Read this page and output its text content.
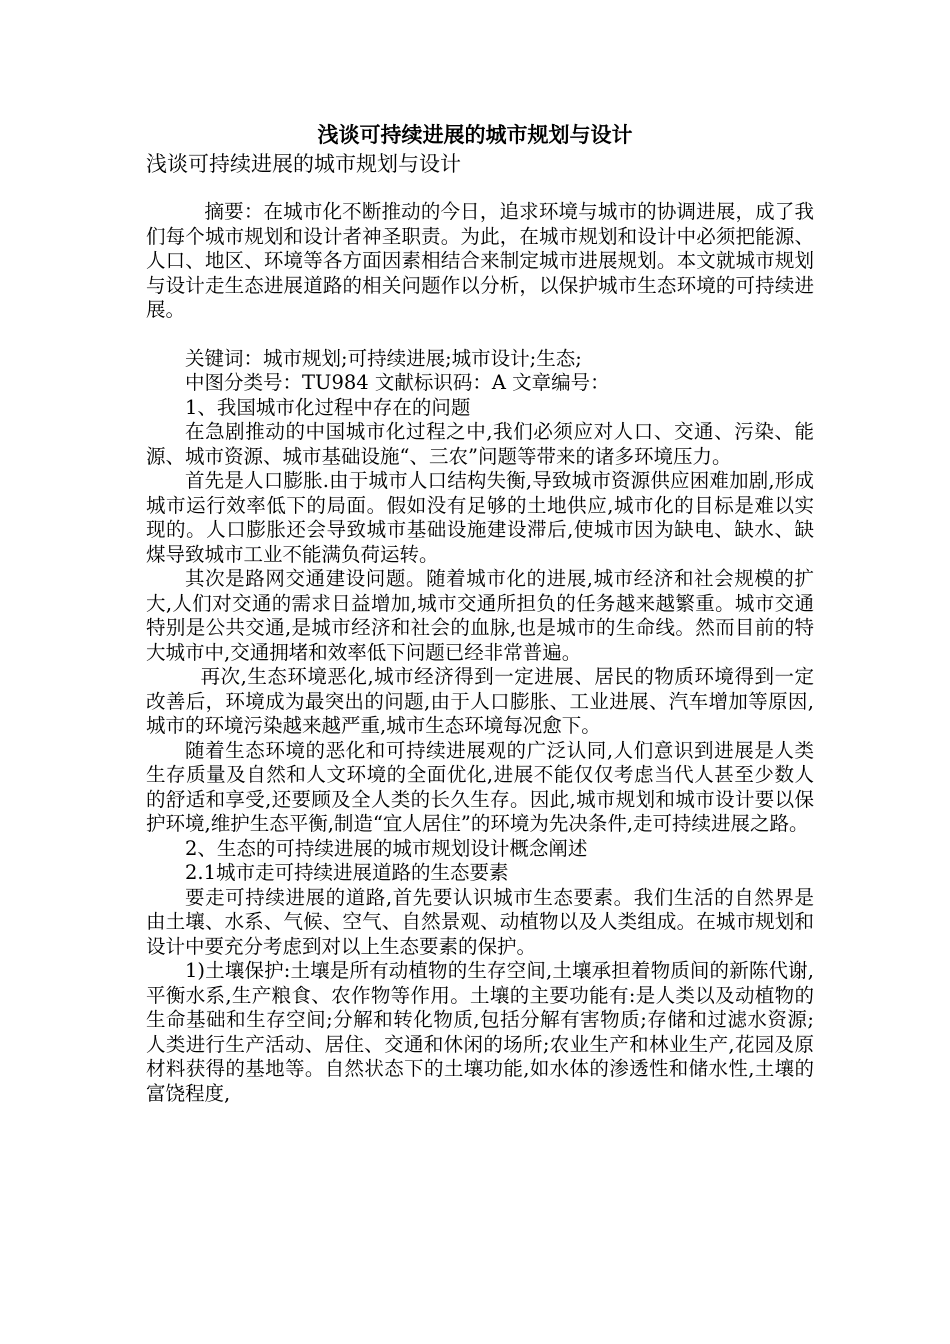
浅谈可持续进展的城市规划与设计
浅谈可持续进展的城市规划与设计

摘要：在城市化不断推动的今日，追求环境与城市的协调进展，成了我们每个城市规划和设计者神圣职责。为此，在城市规划和设计中必须把能源、人口、地区、环境等各方面因素相结合来制定城市进展规划。本文就城市规划与设计走生态进展道路的相关问题作以分析，以保护城市生态环境的可持续进展。

关键词：城市规划;可持续进展;城市设计;生态;

中图分类号：TU984 文献标识码：A 文章编号：

1、我国城市化过程中存在的问题

在急剧推动的中国城市化过程之中,我们必须应对人口、交通、污染、能源、城市资源、城市基础设施“、三农”问题等带来的诸多环境压力。

首先是人口膨胀.由于城市人口结构失衡,导致城市资源供应困难加剧,形成城市运行效率低下的局面。假如没有足够的土地供应,城市化的目标是难以实现的。人口膨胀还会导致城市基础设施建设滞后,使城市因为缺电、缺水、缺煤导致城市工业不能满负荷运转。

其次是路网交通建设问题。随着城市化的进展,城市经济和社会规模的扩大,人们对交通的需求日益增加,城市交通所担负的任务越来越繁重。城市交通特别是公共交通,是城市经济和社会的血脉,也是城市的生命线。然而目前的特大城市中,交通拥堵和效率低下问题已经非常普遍。

再次,生态环境恶化,城市经济得到一定进展、居民的物质环境得到一定改善后，环境成为最突出的问题,由于人口膨胀、工业进展、汽车增加等原因,城市的环境污染越来越严重,城市生态环境每况愈下。

随着生态环境的恶化和可持续进展观的广泛认同,人们意识到进展是人类生存质量及自然和人文环境的全面优化,进展不能仅仅考虑当代人甚至少数人的舒适和享受,还要顾及全人类的长久生存。因此,城市规划和城市设计要以保护环境,维护生态平衡,制造“宜人居住”的环境为先决条件,走可持续进展之路。

2、生态的可持续进展的城市规划设计概念阐述

2.1城市走可持续进展道路的生态要素

要走可持续进展的道路,首先要认识城市生态要素。我们生活的自然界是由土壤、水系、气候、空气、自然景观、动植物以及人类组成。在城市规划和设计中要充分考虑到对以上生态要素的保护。

1)土壤保护:土壤是所有动植物的生存空间,土壤承担着物质间的新陈代谢,平衡水系,生产粮食、农作物等作用。土壤的主要功能有:是人类以及动植物的生命基础和生存空间;分解和转化物质,包括分解有害物质;存储和过滤水资源;人类进行生产活动、居住、交通和休闲的场所;农业生产和林业生产,花园及原材料获得的基地等。自然状态下的土壤功能,如水体的渗透性和储水性,土壤的富饶程度,
